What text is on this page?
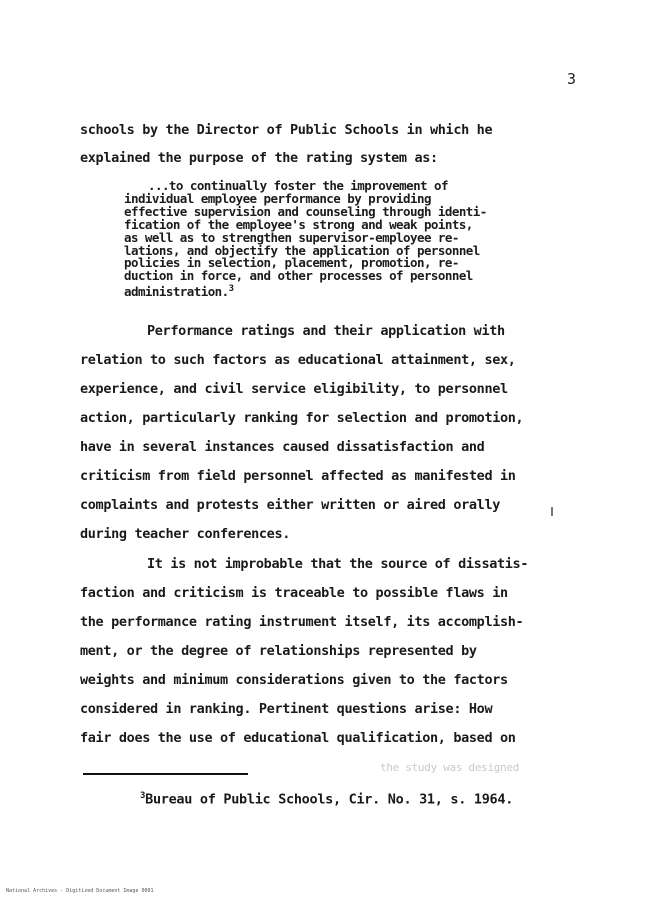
3
schools by the Director of Public Schools in which he
explained the purpose of the rating system as:
...to continually foster the improvement of
individual employee performance by providing
effective supervision and counseling through identi-
fication of the employee's strong and weak points,
as well as to strengthen supervisor-employee re-
lations, and objectify the application of personnel
policies in selection, placement, promotion, re-
duction in force, and other processes of personnel
administration.$^3$
Performance ratings and their application with
relation to such factors as educational attainment, sex,
experience, and civil service eligibility, to personnel
action, particularly ranking for selection and promotion,
have in several instances caused dissatisfaction and
criticism from field personnel affected as manifested in
complaints and protests either written or aired orally
during teacher conferences.
It is not improbable that the source of dissatis-
faction and criticism is traceable to possible flaws in
the performance rating instrument itself, its accomplish-
ment, or the degree of relationships represented by
weights and minimum considerations given to the factors
considered in ranking. Pertinent questions arise: How
fair does the use of educational qualification, based on
the study was designed
$^3$Bureau of Public Schools, Cir. No. 31, s. 1964.
National Archives - Digitized Document Image 0001
